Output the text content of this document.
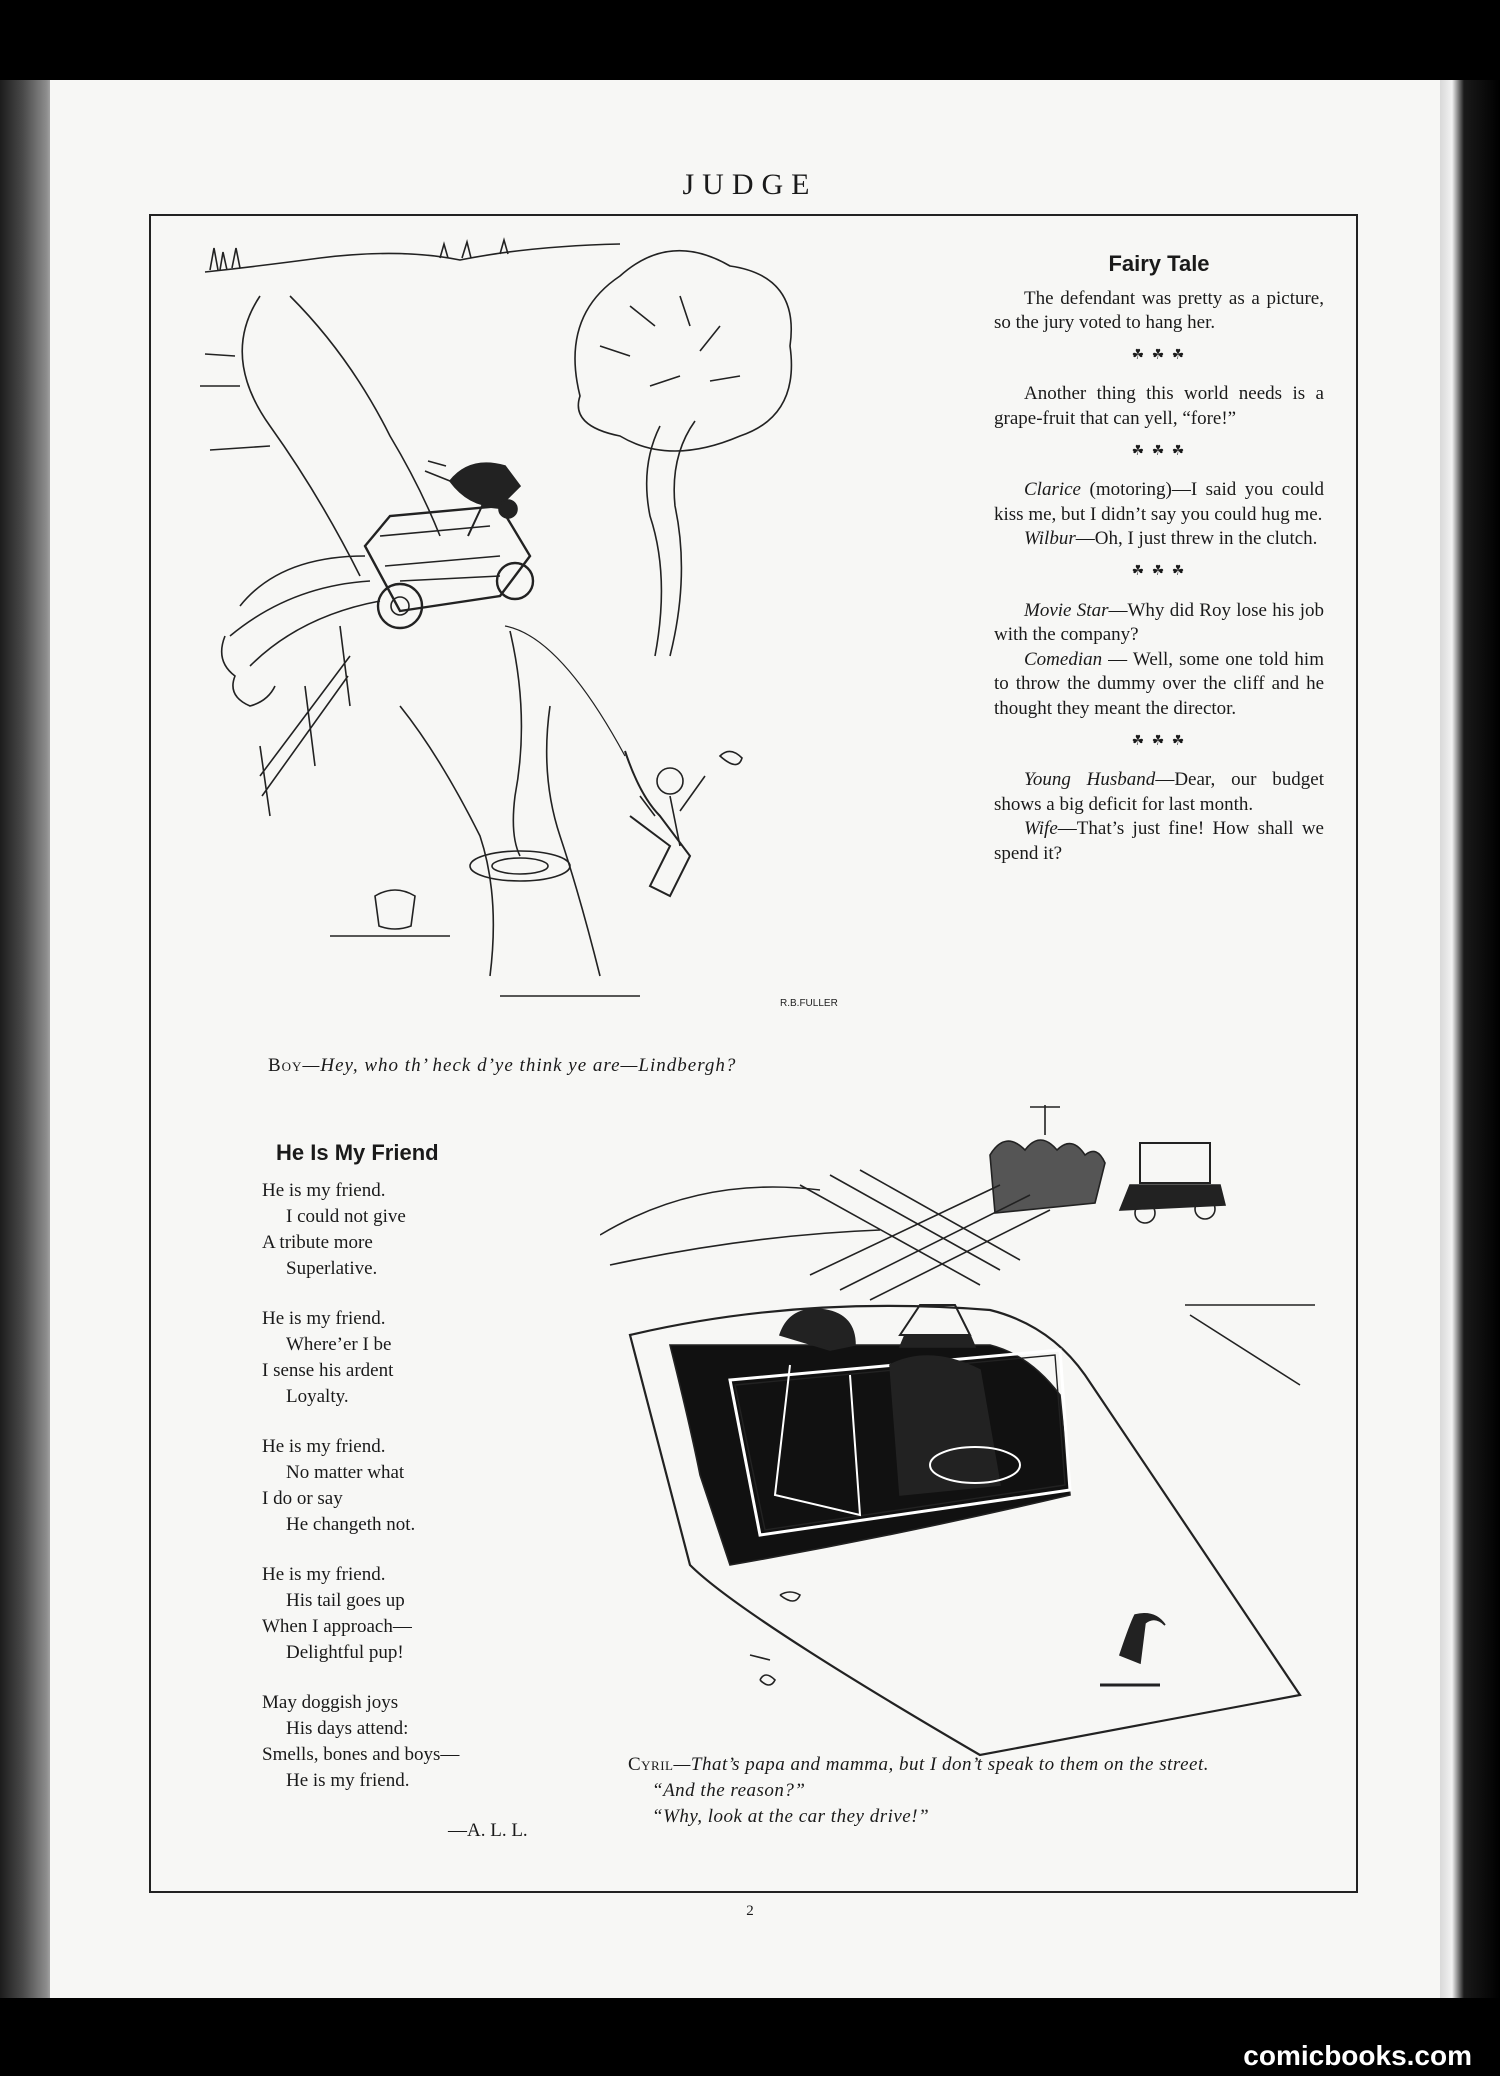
JUDGE
R.B.FULLER
Boy—Hey, who th’ heck d’ye think ye are—Lindbergh?
Fairy Tale

The defendant was pretty as a picture, so the jury voted to hang her.

☘ ☘ ☘

Another thing this world needs is a grape-fruit that can yell, “fore!”

☘ ☘ ☘

Clarice (motoring)—I said you could kiss me, but I didn’t say you could hug me.

Wilbur—Oh, I just threw in the clutch.

☘ ☘ ☘

Movie Star—Why did Roy lose his job with the company?

Comedian — Well, some one told him to throw the dummy over the cliff and he thought they meant the director.

☘ ☘ ☘

Young Husband—Dear, our budget shows a big deficit for last month.

Wife—That’s just fine! How shall we spend it?

He Is My Friend
He is my friend.
I could not give
A tribute more
Superlative.
He is my friend.
Where’er I be
I sense his ardent
Loyalty.
He is my friend.
No matter what
I do or say
He changeth not.
He is my friend.
His tail goes up
When I approach—
Delightful pup!
May doggish joys
His days attend:
Smells, bones and boys—
He is my friend.
—A. L. L.
Cyril—That’s papa and mamma, but I don’t speak to them on the street.
“And the reason?”
“Why, look at the car they drive!”
2
comicbooks.com
